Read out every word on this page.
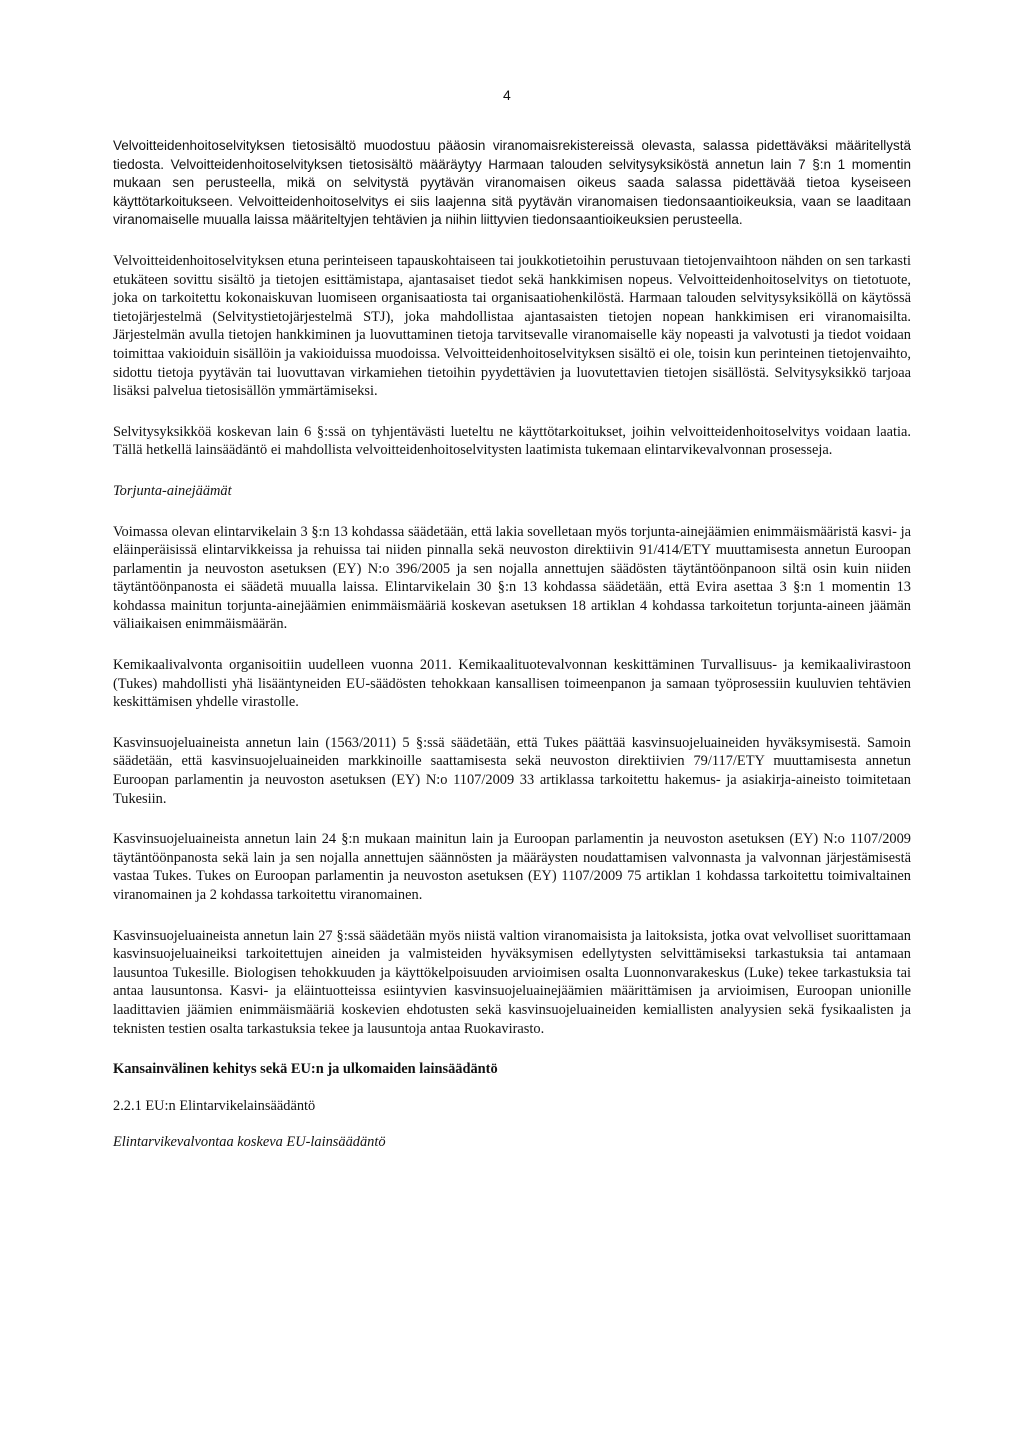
4

Velvoitteidenhoitoselvityksen tietosisältö muodostuu pääosin viranomaisrekistereissä olevasta, salassa pidettäväksi määritellystä tiedosta. Velvoitteidenhoitoselvityksen tietosisältö määräytyy Harmaan talouden selvitysyksiköstä annetun lain 7 §:n 1 momentin mukaan sen perusteella, mikä on selvitystä pyytävän viranomaisen oikeus saada salassa pidettävää tietoa kyseiseen käyttötarkoitukseen. Velvoitteidenhoitoselvitys ei siis laajenna sitä pyytävän viranomaisen tiedonsaantioikeuksia, vaan se laaditaan viranomaiselle muualla laissa määriteltyjen tehtävien ja niihin liittyvien tiedonsaantioikeuksien perusteella.

Velvoitteidenhoitoselvityksen etuna perinteiseen tapauskohtaiseen tai joukkotietoihin perustuvaan tietojenvaihtoon nähden on sen tarkasti etukäteen sovittu sisältö ja tietojen esittämistapa, ajantasaiset tiedot sekä hankkimisen nopeus. Velvoitteidenhoitoselvitys on tietotuote, joka on tarkoitettu kokonaiskuvan luomiseen organisaatiosta tai organisaatiohenkilöstä. Harmaan talouden selvitysyksiköllä on käytössä tietojärjestelmä (Selvitystietojärjestelmä STJ), joka mahdollistaa ajantasaisten tietojen nopean hankkimisen eri viranomaisilta. Järjestelmän avulla tietojen hankkiminen ja luovuttaminen tietoja tarvitsevalle viranomaiselle käy nopeasti ja valvotusti ja tiedot voidaan toimittaa vakioiduin sisällöin ja vakioiduissa muodoissa. Velvoitteidenhoitoselvityksen sisältö ei ole, toisin kun perinteinen tietojenvaihto, sidottu tietoja pyytävän tai luovuttavan virkamiehen tietoihin pyydettävien ja luovutettavien tietojen sisällöstä. Selvitysyksikkö tarjoaa lisäksi palvelua tietosisällön ymmärtämiseksi.

Selvitysyksikköä koskevan lain 6 §:ssä on tyhjentävästi lueteltu ne käyttötarkoitukset, joihin velvoitteidenhoitoselvitys voidaan laatia. Tällä hetkellä lainsäädäntö ei mahdollista velvoitteidenhoitoselvitysten laatimista tukemaan elintarvikevalvonnan prosesseja.

Torjunta-ainejäämät

Voimassa olevan elintarvikelain 3 §:n 13 kohdassa säädetään, että lakia sovelletaan myös torjunta-ainejäämien enimmäismääristä kasvi- ja eläinperäisissä elintarvikkeissa ja rehuissa tai niiden pinnalla sekä neuvoston direktiivin 91/414/ETY muuttamisesta annetun Euroopan parlamentin ja neuvoston asetuksen (EY) N:o 396/2005 ja sen nojalla annettujen säädösten täytäntöönpanoon siltä osin kuin niiden täytäntöönpanosta ei säädetä muualla laissa. Elintarvikelain 30 §:n 13 kohdassa säädetään, että Evira asettaa 3 §:n 1 momentin 13 kohdassa mainitun torjunta-ainejäämien enimmäismääriä koskevan asetuksen 18 artiklan 4 kohdassa tarkoitetun torjunta-aineen jäämän väliaikaisen enimmäismäärän.

Kemikaalivalvonta organisoitiin uudelleen vuonna 2011. Kemikaalituotevalvonnan keskittäminen Turvallisuus- ja kemikaalivirastoon (Tukes) mahdollisti yhä lisääntyneiden EU-säädösten tehokkaan kansallisen toimeenpanon ja samaan työprosessiin kuuluvien tehtävien keskittämisen yhdelle virastolle.

Kasvinsuojeluaineista annetun lain (1563/2011) 5 §:ssä säädetään, että Tukes päättää kasvinsuojeluaineiden hyväksymisestä. Samoin säädetään, että kasvinsuojeluaineiden markkinoille saattamisesta sekä neuvoston direktiivien 79/117/ETY muuttamisesta annetun Euroopan parlamentin ja neuvoston asetuksen (EY) N:o 1107/2009 33 artiklassa tarkoitettu hakemus- ja asiakirja-aineisto toimitetaan Tukesiin.

Kasvinsuojeluaineista annetun lain 24 §:n mukaan mainitun lain ja Euroopan parlamentin ja neuvoston asetuksen (EY) N:o 1107/2009 täytäntöönpanosta sekä lain ja sen nojalla annettujen säännösten ja määräysten noudattamisen valvonnasta ja valvonnan järjestämisestä vastaa Tukes. Tukes on Euroopan parlamentin ja neuvoston asetuksen (EY) 1107/2009 75 artiklan 1 kohdassa tarkoitettu toimivaltainen viranomainen ja 2 kohdassa tarkoitettu viranomainen.

Kasvinsuojeluaineista annetun lain 27 §:ssä säädetään myös niistä valtion viranomaisista ja laitoksista, jotka ovat velvolliset suorittamaan kasvinsuojeluaineiksi tarkoitettujen aineiden ja valmisteiden hyväksymisen edellytysten selvittämiseksi tarkastuksia tai antamaan lausuntoa Tukesille. Biologisen tehokkuuden ja käyttökelpoisuuden arvioimisen osalta Luonnonvarakeskus (Luke) tekee tarkastuksia tai antaa lausuntonsa. Kasvi- ja eläintuotteissa esiintyvien kasvinsuojeluainejäämien määrittämisen ja arvioimisen, Euroopan unionille laadittavien jäämien enimmäismääriä koskevien ehdotusten sekä kasvinsuojeluaineiden kemiallisten analyysien sekä fysikaalisten ja teknisten testien osalta tarkastuksia tekee ja lausuntoja antaa Ruokavirasto.

Kansainvälinen kehitys sekä EU:n ja ulkomaiden lainsäädäntö

2.2.1 EU:n Elintarvikelainsäädäntö

Elintarvikevalvontaa koskeva EU-lainsäädäntö
